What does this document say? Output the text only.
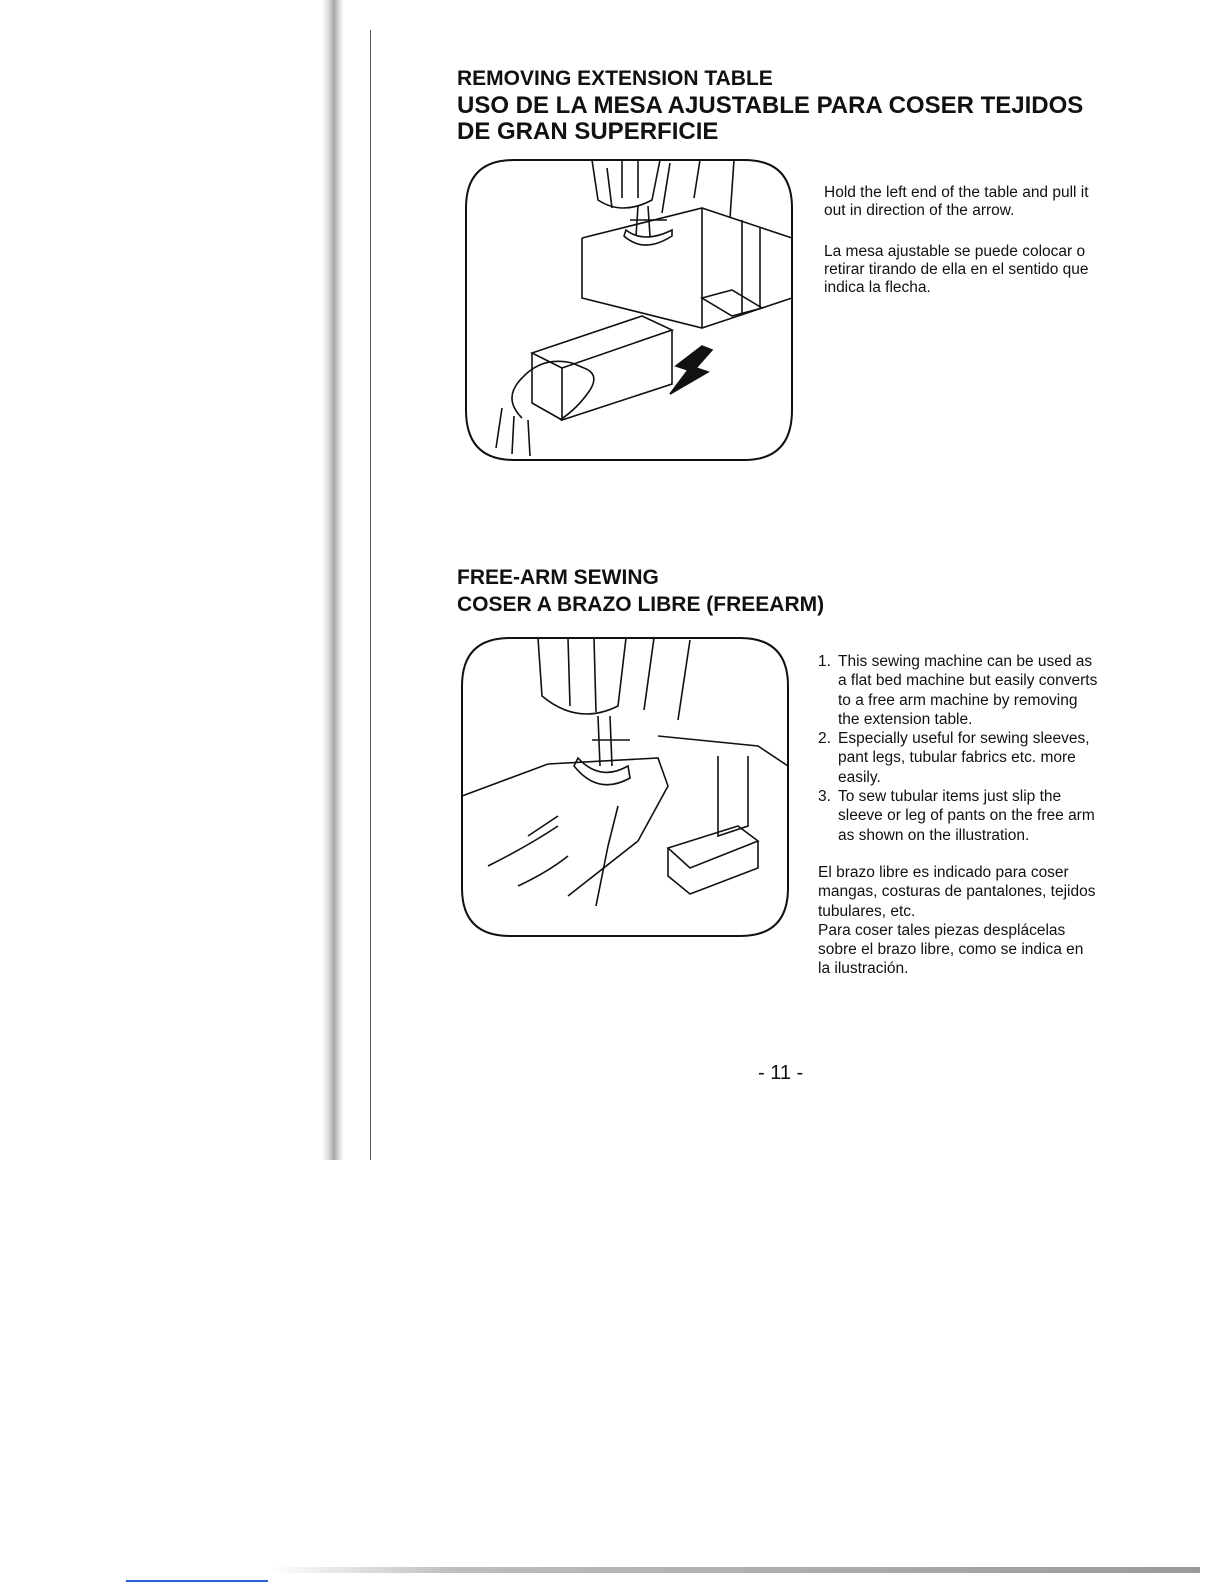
REMOVING EXTENSION TABLE
USO DE LA MESA AJUSTABLE PARA COSER TEJIDOS
DE GRAN SUPERFICIE

Hold the left end of the table and pull it

out in direction of the arrow.

La mesa ajustable se puede colocar o

retirar tirando de ella en el sentido que

indica la flecha.

FREE-ARM SEWING
COSER A BRAZO LIBRE (FREEARM)
1. This sewing machine can be used as
a flat bed machine but easily converts
to a free arm machine by removing
the extension table.
2. Especially useful for sewing sleeves,
pant legs, tubular fabrics etc. more
easily.
3. To sew tubular items just slip the
sleeve or leg of pants on the free arm
as shown on the illustration.
El brazo libre es indicado para coser
mangas, costuras de pantalones, tejidos
tubulares, etc.
Para coser tales piezas desplácelas
sobre el brazo libre, como se indica en
la ilustración.
- 11 -
